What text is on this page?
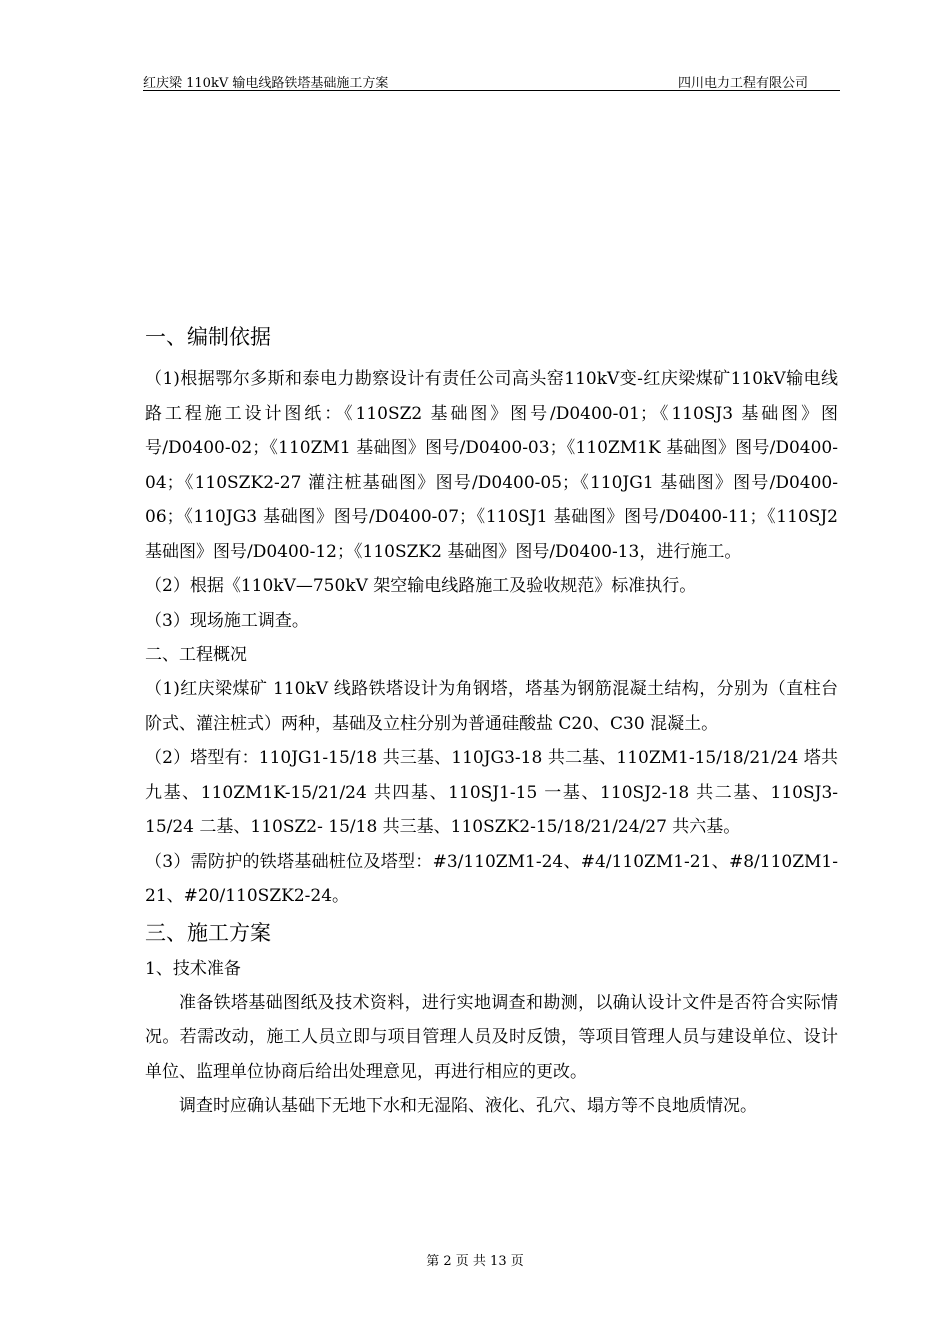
红庆梁 110kV 输电线路铁塔基础施工方案	四川电力工程有限公司

一、编制依据

（1)根据鄂尔多斯和泰电力勘察设计有责任公司高头窑110kV变-红庆梁煤矿110kV输电线路工程施工设计图纸：《110SZ2 基础图》图号/D0400-01；《110SJ3 基础图》图号/D0400-02；《110ZM1 基础图》图号/D0400-03；《110ZM1K 基础图》图号/D0400-04；《110SZK2-27 灌注桩基础图》图号/D0400-05；《110JG1 基础图》图号/D0400-06；《110JG3 基础图》图号/D0400-07；《110SJ1 基础图》图号/D0400-11；《110SJ2 基础图》图号/D0400-12；《110SZK2 基础图》图号/D0400-13，进行施工。

（2）根据《110kV—750kV 架空输电线路施工及验收规范》标准执行。

（3）现场施工调查。

二、工程概况

（1)红庆梁煤矿 110kV 线路铁塔设计为角钢塔，塔基为钢筋混凝土结构，分别为（直柱台阶式、灌注桩式）两种，基础及立柱分别为普通硅酸盐 C20、C30 混凝土。

（2）塔型有：110JG1-15/18 共三基、110JG3-18 共二基、110ZM1-15/18/21/24 塔共九基、110ZM1K-15/21/24 共四基、110SJ1-15 一基、110SJ2-18 共二基、110SJ3-15/24 二基、110SZ2- 15/18 共三基、110SZK2-15/18/21/24/27 共六基。

（3）需防护的铁塔基础桩位及塔型：#3/110ZM1-24、#4/110ZM1-21、#8/110ZM1-21、#20/110SZK2-24。

三、施工方案

1、技术准备

准备铁塔基础图纸及技术资料，进行实地调查和勘测，以确认设计文件是否符合实际情况。若需改动，施工人员立即与项目管理人员及时反馈，等项目管理人员与建设单位、设计单位、监理单位协商后给出处理意见，再进行相应的更改。

调查时应确认基础下无地下水和无湿陷、液化、孔穴、塌方等不良地质情况。

第 2 页 共 13 页
